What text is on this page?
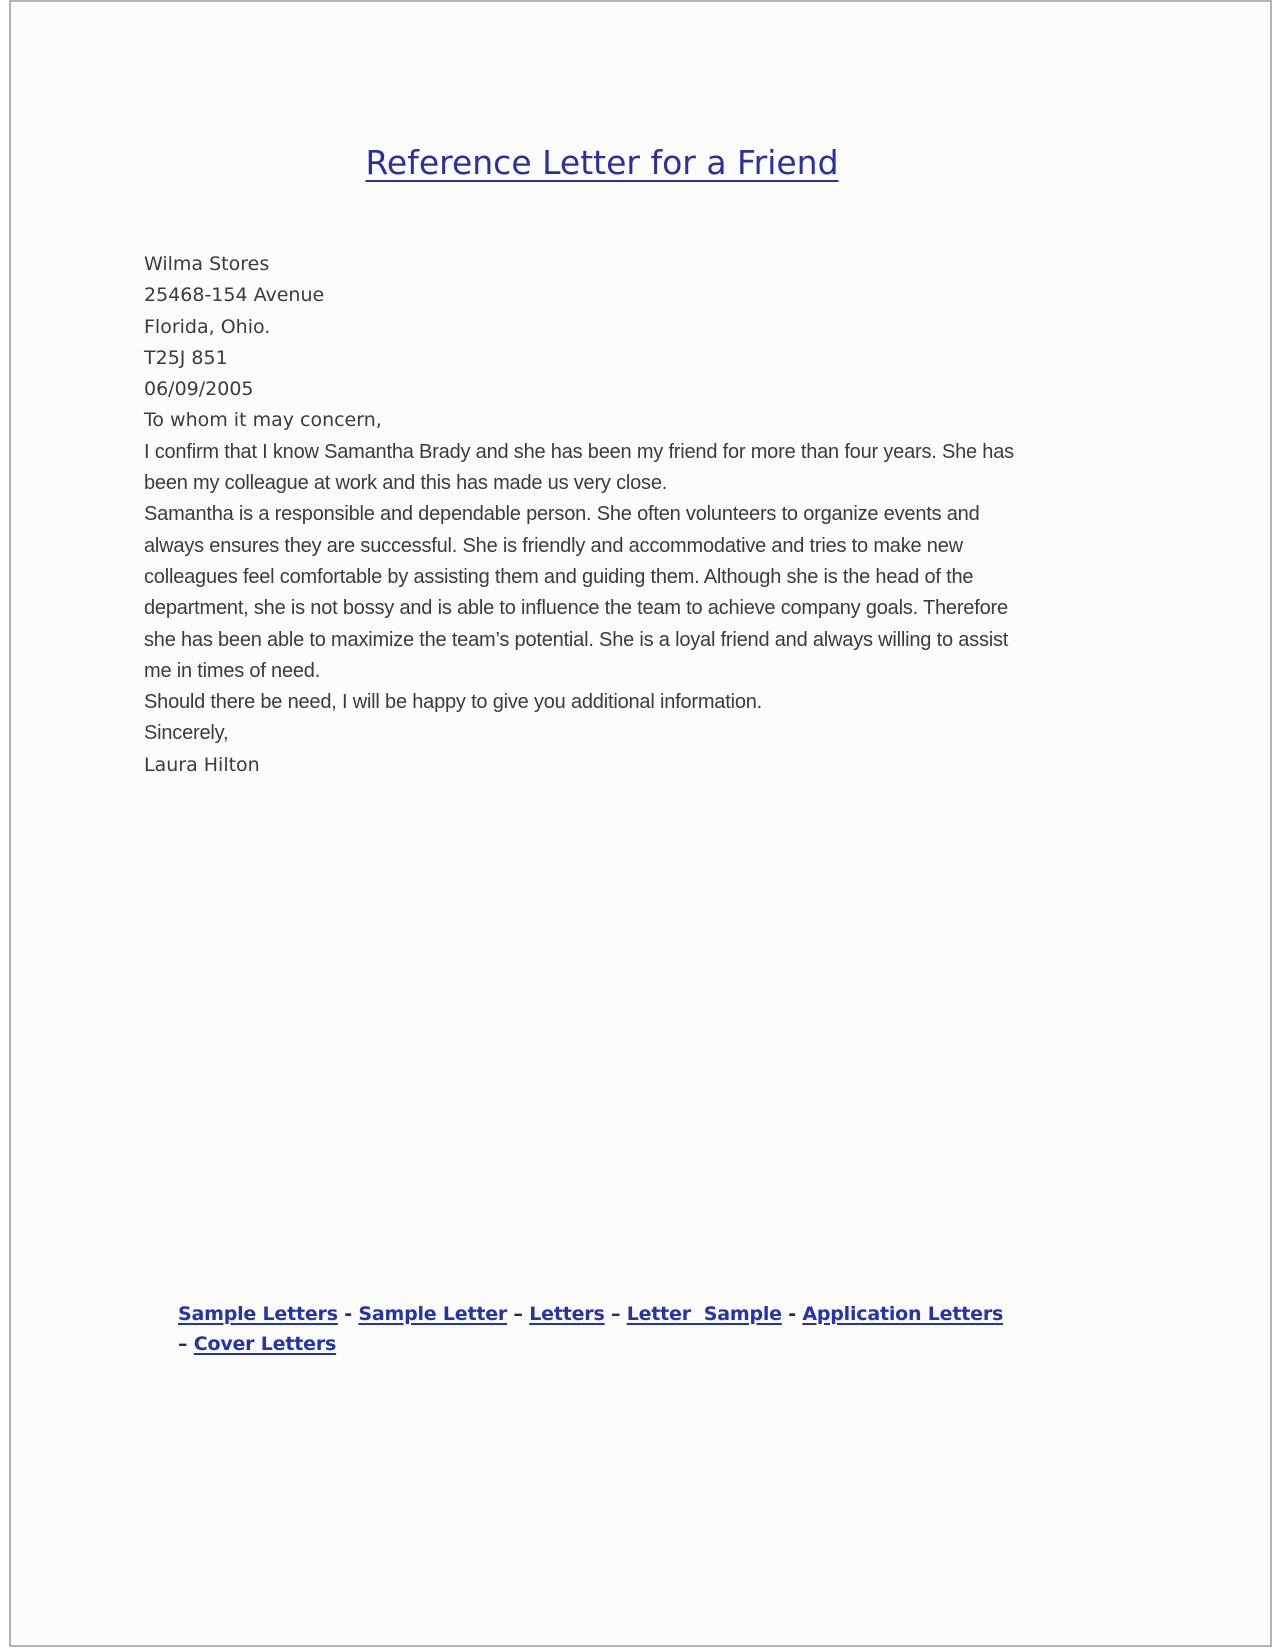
Reference Letter for a Friend
Wilma Stores
25468-154 Avenue
Florida, Ohio.
T25J 851
06/09/2005
To whom it may concern,
I confirm that I know Samantha Brady and she has been my friend for more than four years. She has
been my colleague at work and this has made us very close.
Samantha is a responsible and dependable person. She often volunteers to organize events and
always ensures they are successful. She is friendly and accommodative and tries to make new
colleagues feel comfortable by assisting them and guiding them. Although she is the head of the
department, she is not bossy and is able to influence the team to achieve company goals. Therefore
she has been able to maximize the team’s potential. She is a loyal friend and always willing to assist
me in times of need.
Should there be need, I will be happy to give you additional information.
Sincerely,
Laura Hilton
Sample Letters - Sample Letter – Letters – Letter  Sample - Application Letters
– Cover Letters
